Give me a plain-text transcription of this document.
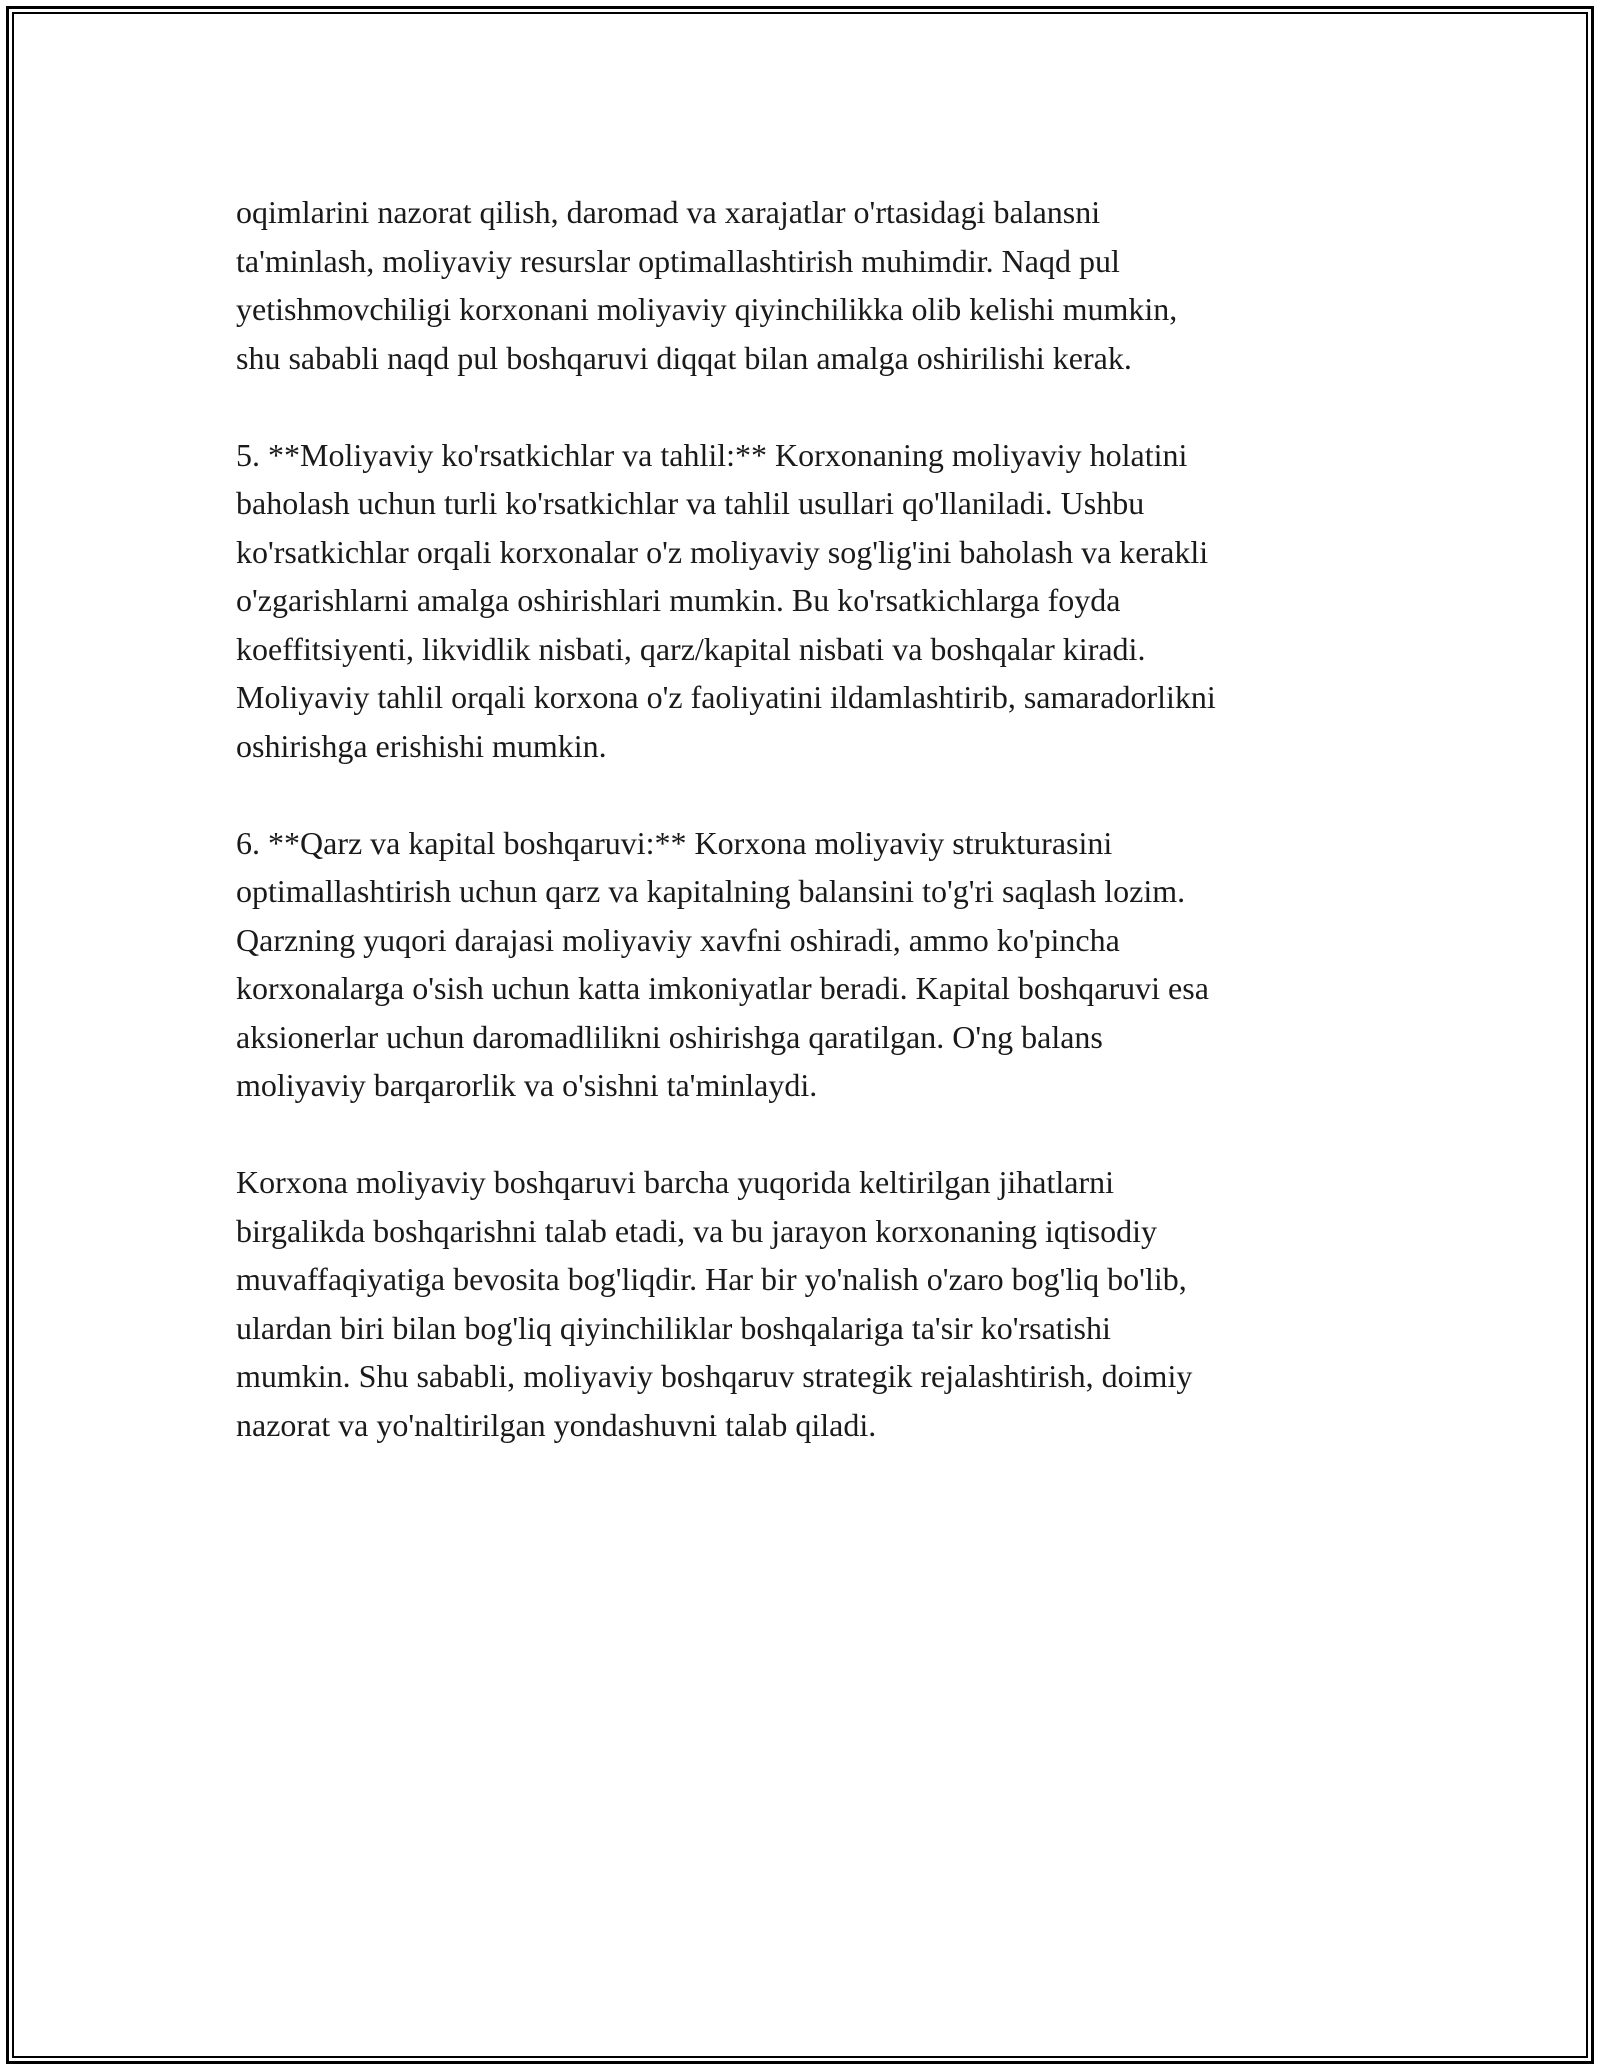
oqimlarini nazorat qilish, daromad va xarajatlar o'rtasidagi balansni
ta'minlash, moliyaviy resurslar optimallashtirish muhimdir. Naqd pul
yetishmovchiligi korxonani moliyaviy qiyinchilikka olib kelishi mumkin,
shu sababli naqd pul boshqaruvi diqqat bilan amalga oshirilishi kerak.

5. **Moliyaviy ko'rsatkichlar va tahlil:** Korxonaning moliyaviy holatini
baholash uchun turli ko'rsatkichlar va tahlil usullari qo'llaniladi. Ushbu
ko'rsatkichlar orqali korxonalar o'z moliyaviy sog'lig'ini baholash va kerakli
o'zgarishlarni amalga oshirishlari mumkin. Bu ko'rsatkichlarga foyda
koeffitsiyenti, likvidlik nisbati, qarz/kapital nisbati va boshqalar kiradi.
Moliyaviy tahlil orqali korxona o'z faoliyatini ildamlashtirib, samaradorlikni
oshirishga erishishi mumkin.

6. **Qarz va kapital boshqaruvi:** Korxona moliyaviy strukturasini
optimallashtirish uchun qarz va kapitalning balansini to'g'ri saqlash lozim.
Qarzning yuqori darajasi moliyaviy xavfni oshiradi, ammo ko'pincha
korxonalarga o'sish uchun katta imkoniyatlar beradi. Kapital boshqaruvi esa
aksionerlar uchun daromadlilikni oshirishga qaratilgan. O'ng balans
moliyaviy barqarorlik va o'sishni ta'minlaydi.

Korxona moliyaviy boshqaruvi barcha yuqorida keltirilgan jihatlarni
birgalikda boshqarishni talab etadi, va bu jarayon korxonaning iqtisodiy
muvaffaqiyatiga bevosita bog'liqdir. Har bir yo'nalish o'zaro bog'liq bo'lib,
ulardan biri bilan bog'liq qiyinchiliklar boshqalariga ta'sir ko'rsatishi
mumkin. Shu sababli, moliyaviy boshqaruv strategik rejalashtirish, doimiy
nazorat va yo'naltirilgan yondashuvni talab qiladi.
